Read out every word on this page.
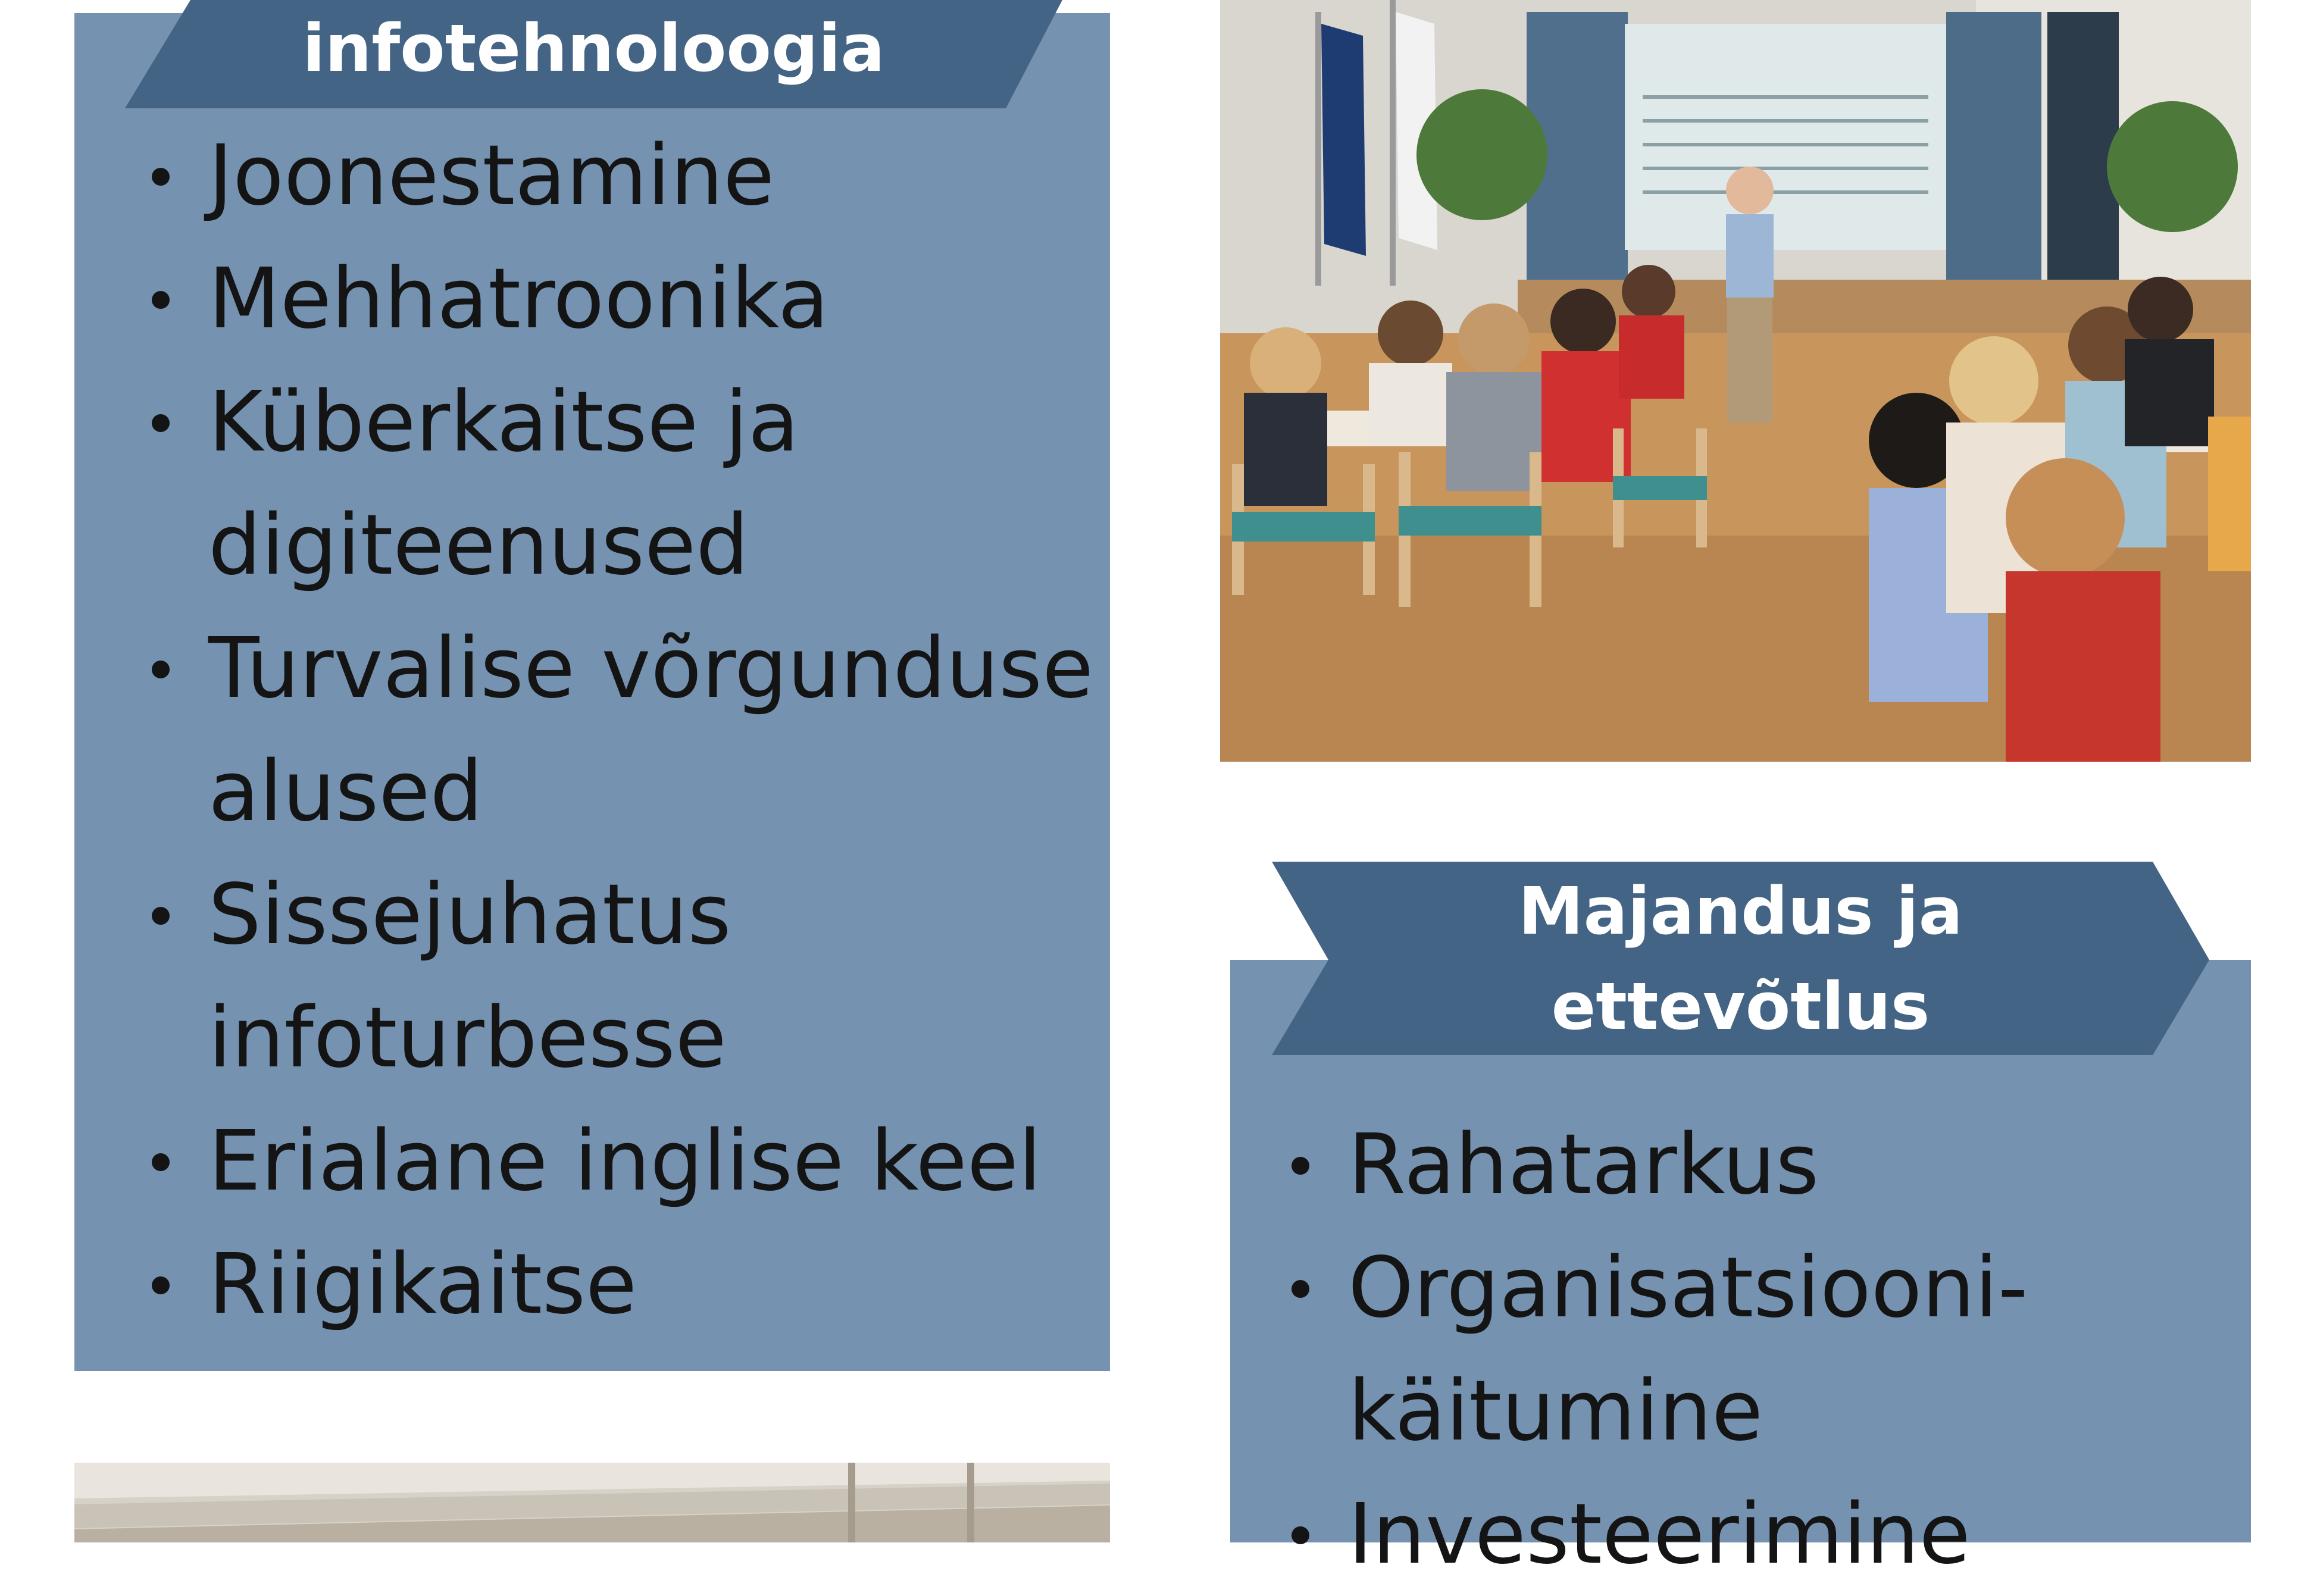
infotehnoloogia
Joonestamine
Mehhatroonika
Küberkaitse ja
digiteenused
Turvalise võrgunduse
alused
Sissejuhatus
infoturbesse
Erialane inglise keel
Riigikaitse
Majandus ja
ettevõtlus
Rahatarkus
Organisatsiooni-
käitumine
Investeerimine
